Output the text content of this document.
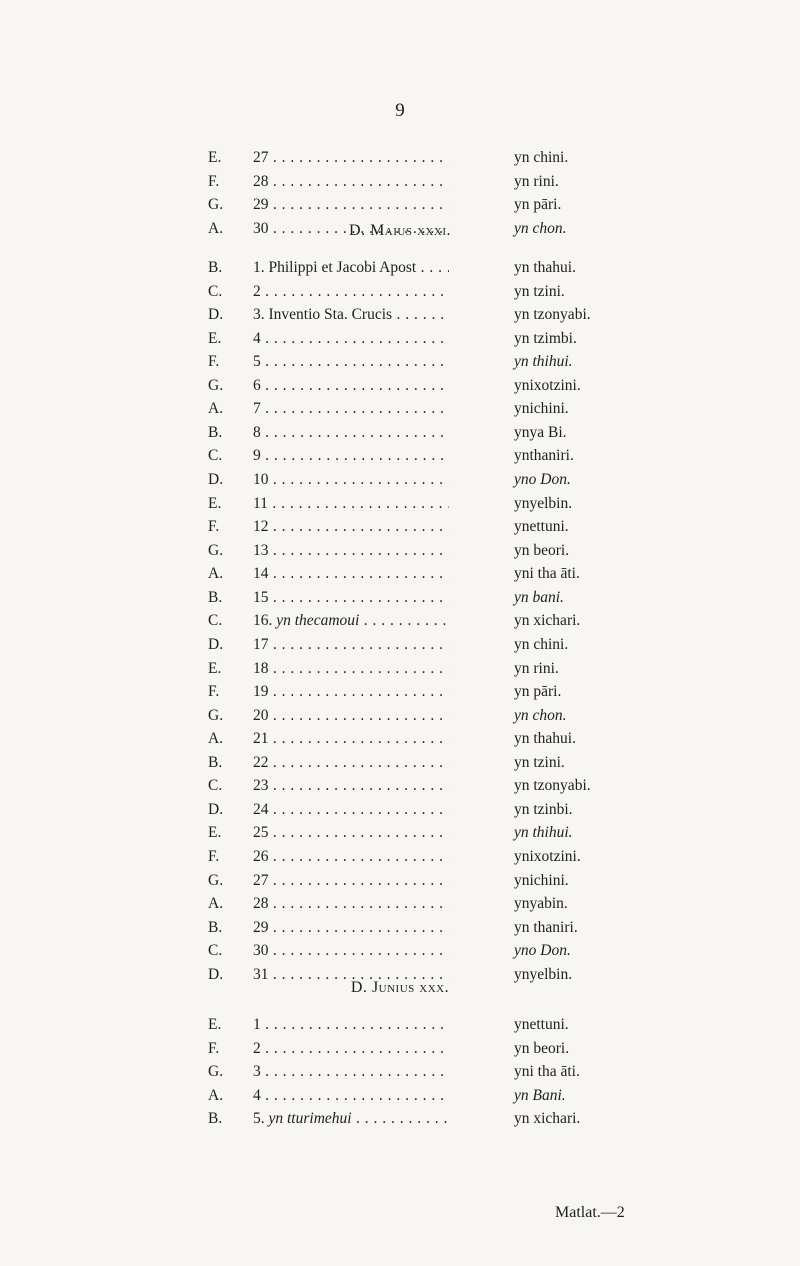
9
E. 27 . . .	yn chini.
F. 28 . . .	yn rini.
G. 29 . . .	yn pāri.
A. 30 . . .	yn chon.
D. Maius xxxi.
B. 1. Philippi et Jacobi Apost . . .	yn thahui.
C. 2 . . .	yn tzini.
D. 3. Inventio Sta. Crucis . . .	yn tzonyabi.
E. 4 . . .	yn tzimbi.
F. 5 . . .	yn thihui.
G. 6 . . .	ynixotzini.
A. 7 . . .	ynichini.
B. 8 . . .	ynya Bi.
C. 9 . . .	ynthaniri.
D. 10 . . .	yno Don.
E. 11 . . .	ynyelbin.
F. 12 . . .	ynettuni.
G. 13 . . .	yn beori.
A. 14 . . .	yni tha āti.
B. 15 . . .	yn bani.
C. 16. yn thecamoui . . .	yn xichari.
D. 17 . . .	yn chini.
E. 18 . . .	yn rini.
F. 19 . . .	yn pāri.
G. 20 . . .	yn chon.
A. 21 . . .	yn thahui.
B. 22 . . .	yn tzini.
C. 23 . . .	yn tzonyabi.
D. 24 . . .	yn tzinbi.
E. 25 . . .	yn thihui.
F. 26 . . .	ynixotzini.
G. 27 . . .	ynichini.
A. 28 . . .	ynyabin.
B. 29 . . .	yn thaniri.
C. 30 . . .	yno Don.
D. 31 . . .	ynyelbin.
D. Junius xxx.
E. 1 . . .	ynettuni.
F. 2 . . .	yn beori.
G. 3 . . .	yni tha āti.
A. 4 . . .	yn Bani.
B. 5. yn tturimehui . . .	yn xichari.
Matlat.—2
